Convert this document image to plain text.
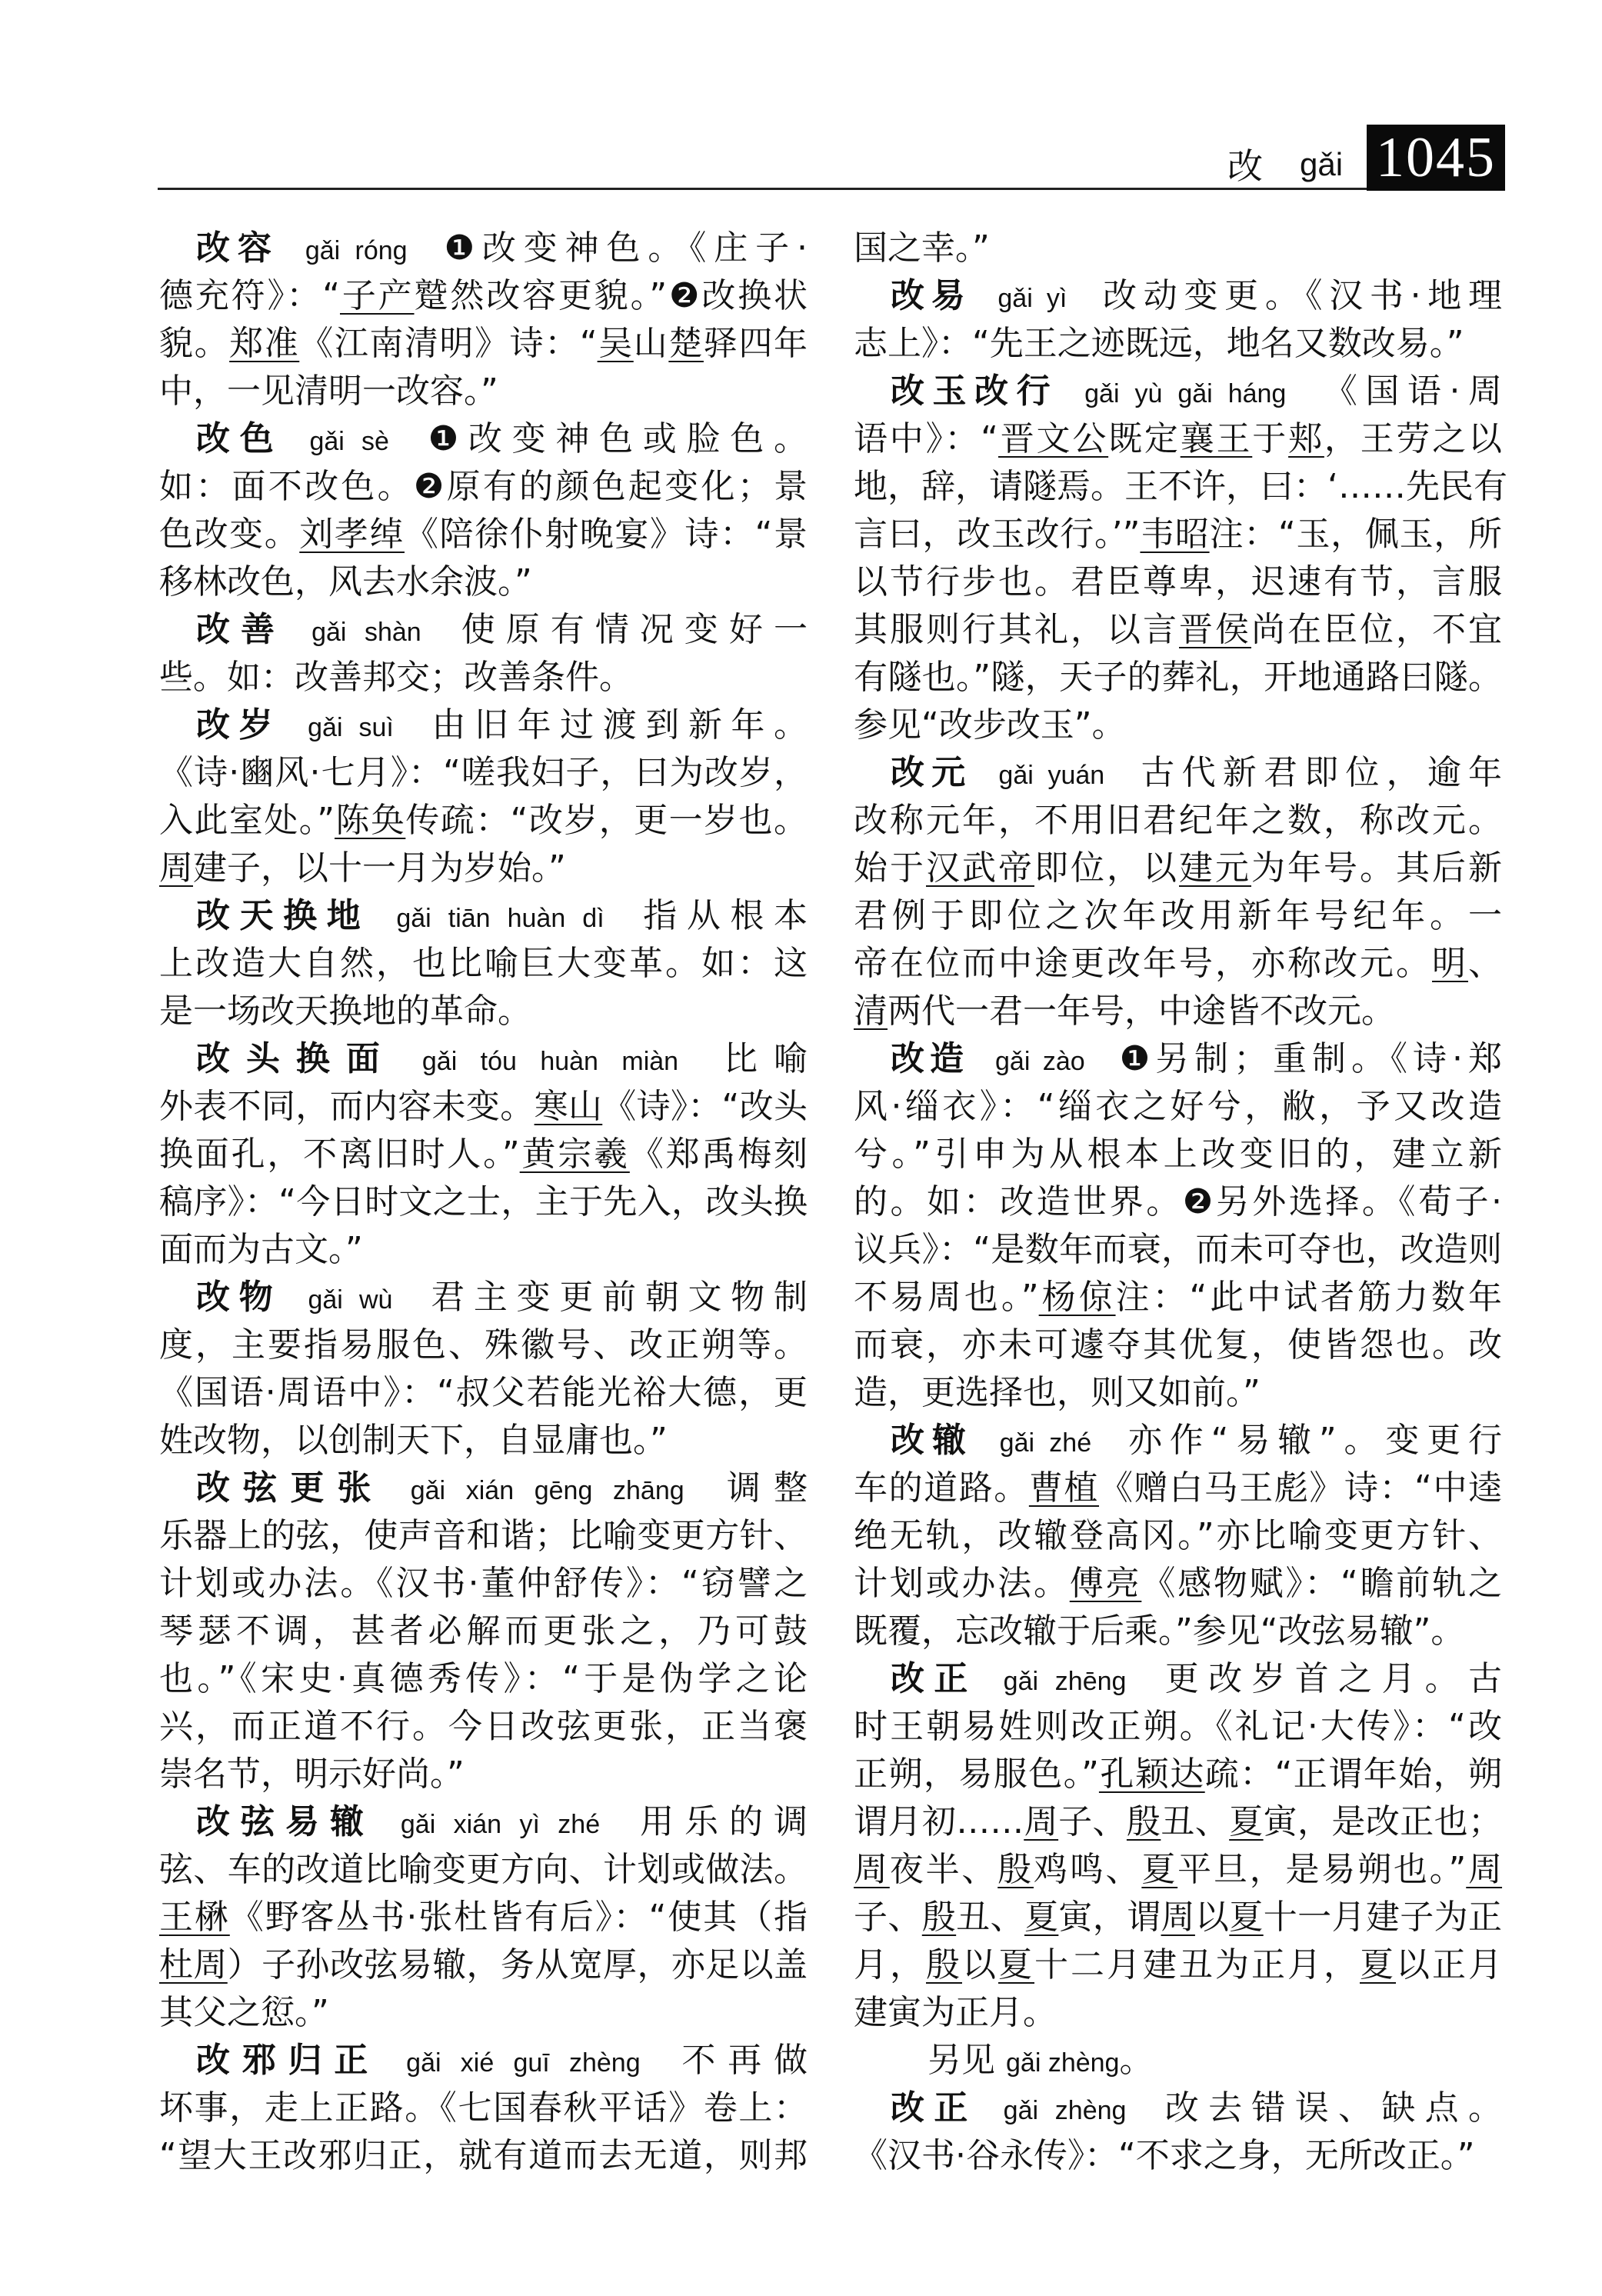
改 gǎi 1045
改容 gǎi róng ❶改变神色。《庄子·
德充符》：“子产蹵然改容更貌。”❷改换状
貌。郑准《江南清明》诗：“吴山楚驿四年
中，一见清明一改容。”
改色 gǎi sè ❶改变神色或脸色。
如：面不改色。❷原有的颜色起变化；景
色改变。刘孝绰《陪徐仆射晚宴》诗：“景
移林改色，风去水余波。”
改善 gǎi shàn 使原有情况变好一
些。如：改善邦交；改善条件。
改岁 gǎi suì 由旧年过渡到新年。
《诗·豳风·七月》：“嗟我妇子，曰为改岁，
入此室处。”陈奂传疏：“改岁，更一岁也。
周建子，以十一月为岁始。”
改天换地 gǎi tiān huàn dì 指从根本
上改造大自然，也比喻巨大变革。如：这
是一场改天换地的革命。
改头换面 gǎi tóu huàn miàn 比喻
外表不同，而内容未变。寒山《诗》：“改头
换面孔，不离旧时人。”黄宗羲《郑禹梅刻
稿序》：“今日时文之士，主于先入，改头换
面而为古文。”
改物 gǎi wù 君主变更前朝文物制
度，主要指易服色、殊徽号、改正朔等。
《国语·周语中》：“叔父若能光裕大德，更
姓改物，以创制天下，自显庸也。”
改弦更张 gǎi xián gēng zhāng 调整
乐器上的弦，使声音和谐；比喻变更方针、
计划或办法。《汉书·董仲舒传》：“窃譬之
琴瑟不调，甚者必解而更张之，乃可鼓
也。”《宋史·真德秀传》：“于是伪学之论
兴，而正道不行。今日改弦更张，正当褒
崇名节，明示好尚。”
改弦易辙 gǎi xián yì zhé 用乐的调
弦、车的改道比喻变更方向、计划或做法。
王楙《野客丛书·张杜皆有后》：“使其（指
杜周）子孙改弦易辙，务从宽厚，亦足以盖
其父之愆。”
改邪归正 gǎi xié guī zhèng 不再做
坏事，走上正路。《七国春秋平话》卷上：
“望大王改邪归正，就有道而去无道，则邦
国之幸。”
改易 gǎi yì 改动变更。《汉书·地理
志上》：“先王之迹既远，地名又数改易。”
改玉改行 gǎi yù gǎi háng 《国语·周
语中》：“晋文公既定襄王于郏，王劳之以
地，辞，请隧焉。王不许，曰：‘……先民有
言曰，改玉改行。’”韦昭注：“玉，佩玉，所
以节行步也。君臣尊卑，迟速有节，言服
其服则行其礼，以言晋侯尚在臣位，不宜
有隧也。”隧，天子的葬礼，开地通路曰隧。
参见“改步改玉”。
改元 gǎi yuán 古代新君即位，逾年
改称元年，不用旧君纪年之数，称改元。
始于汉武帝即位，以建元为年号。其后新
君例于即位之次年改用新年号纪年。一
帝在位而中途更改年号，亦称改元。明、
清两代一君一年号，中途皆不改元。
改造 gǎi zào ❶另制；重制。《诗·郑
风·缁衣》：“缁衣之好兮，敝，予又改造
兮。”引申为从根本上改变旧的，建立新
的。如：改造世界。❷另外选择。《荀子·
议兵》：“是数年而衰，而未可夺也，改造则
不易周也。”杨倞注：“此中试者筋力数年
而衰，亦未可遽夺其优复，使皆怨也。改
造，更选择也，则又如前。”
改辙 gǎi zhé 亦作“易辙”。变更行
车的道路。曹植《赠白马王彪》诗：“中逵
绝无轨，改辙登高冈。”亦比喻变更方针、
计划或办法。傅亮《感物赋》：“瞻前轨之
既覆，忘改辙于后乘。”参见“改弦易辙”。
改正 gǎi zhēng 更改岁首之月。古
时王朝易姓则改正朔。《礼记·大传》：“改
正朔，易服色。”孔颖达疏：“正谓年始，朔
谓月初……周子、殷丑、夏寅，是改正也；
周夜半、殷鸡鸣、夏平旦，是易朔也。”周
子、殷丑、夏寅，谓周以夏十一月建子为正
月，殷以夏十二月建丑为正月，夏以正月
建寅为正月。
另见 gǎi zhèng。
改正 gǎi zhèng 改去错误、缺点。
《汉书·谷永传》：“不求之身，无所改正。”
